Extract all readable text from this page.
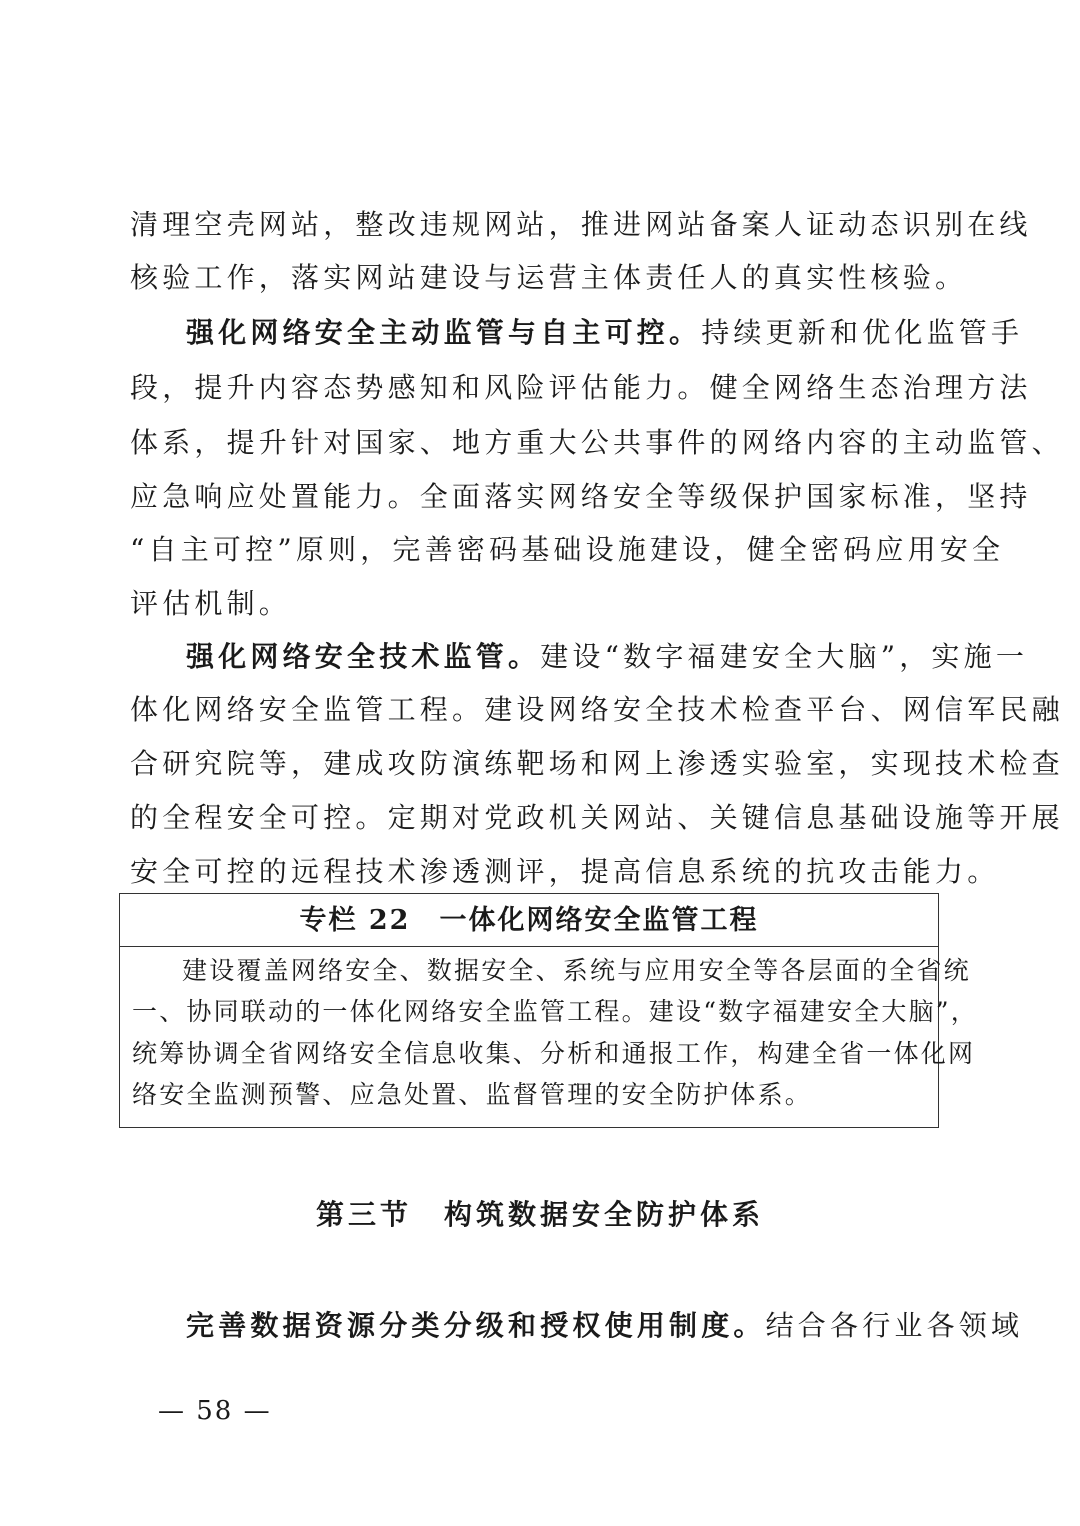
清理空壳网站，整改违规网站，推进网站备案人证动态识别在线
核验工作，落实网站建设与运营主体责任人的真实性核验。
强化网络安全主动监管与自主可控。持续更新和优化监管手
段，提升内容态势感知和风险评估能力。健全网络生态治理方法
体系，提升针对国家、地方重大公共事件的网络内容的主动监管、
应急响应处置能力。全面落实网络安全等级保护国家标准，坚持
“自主可控”原则，完善密码基础设施建设，健全密码应用安全
评估机制。
强化网络安全技术监管。建设“数字福建安全大脑”，实施一
体化网络安全监管工程。建设网络安全技术检查平台、网信军民融
合研究院等，建成攻防演练靶场和网上渗透实验室，实现技术检查
的全程安全可控。定期对党政机关网站、关键信息基础设施等开展
安全可控的远程技术渗透测评，提高信息系统的抗攻击能力。
专栏 22　一体化网络安全监管工程
建设覆盖网络安全、数据安全、系统与应用安全等各层面的全省统
一、协同联动的一体化网络安全监管工程。建设“数字福建安全大脑”，
统筹协调全省网络安全信息收集、分析和通报工作，构建全省一体化网
络安全监测预警、应急处置、监督管理的安全防护体系。
第三节　构筑数据安全防护体系
完善数据资源分类分级和授权使用制度。结合各行业各领域
— 58 —
